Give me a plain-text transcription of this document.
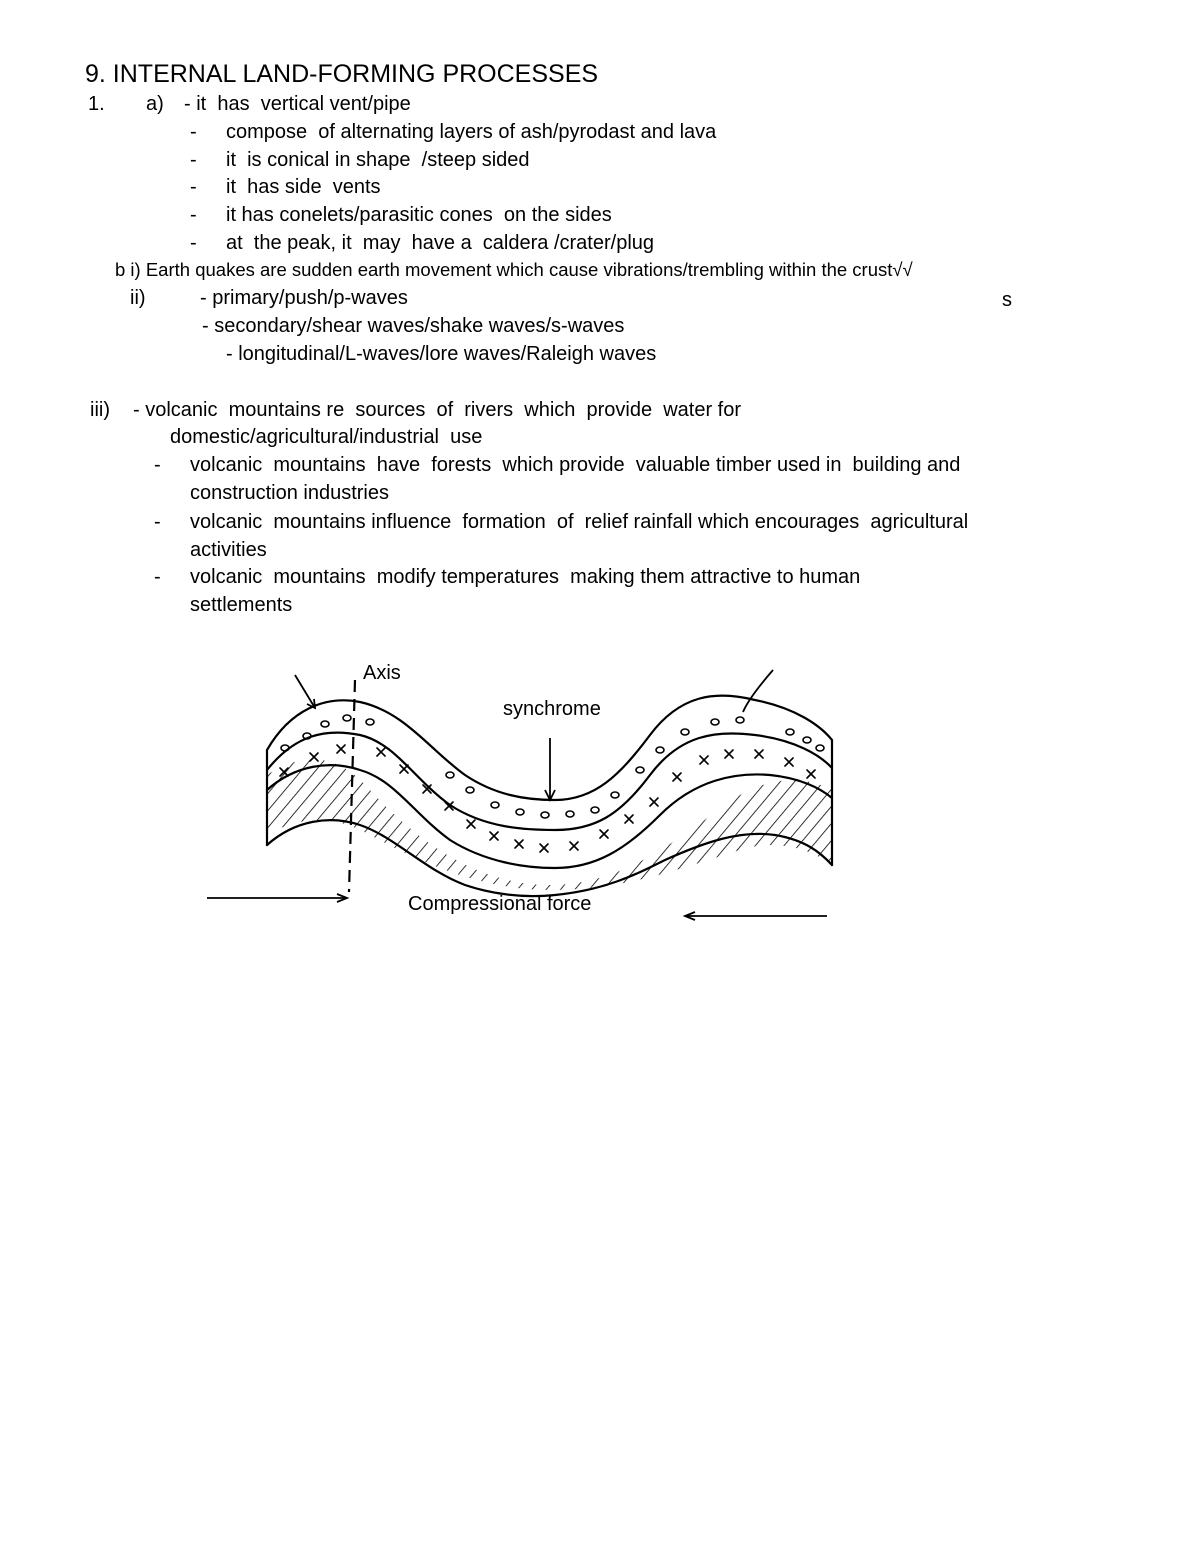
9. INTERNAL LAND-FORMING PROCESSES
1. a) - it  has  vertical vent/pipe
- compose  of alternating layers of ash/pyrodast and lava
- it  is conical in shape  /steep sided
- it  has side  vents
- it has conelets/parasitic cones  on the sides
- at  the peak, it  may  have a  caldera /crater/plug
b i) Earth quakes are sudden earth movement which cause vibrations/trembling within the crust√√
ii)	- primary/push/p-waves	s
- secondary/shear waves/shake waves/s-waves
- longitudinal/L-waves/lore waves/Raleigh waves
iii) - volcanic  mountains re  sources  of  rivers  which  provide  water for
domestic/agricultural/industrial  use
- volcanic  mountains  have  forests  which provide  valuable timber used in  building and
construction industries
- volcanic  mountains influence  formation  of  relief rainfall which encourages  agricultural
activities
- volcanic  mountains  modify temperatures  making them attractive to human
settlements
Axis
synchrome
Compressional force
